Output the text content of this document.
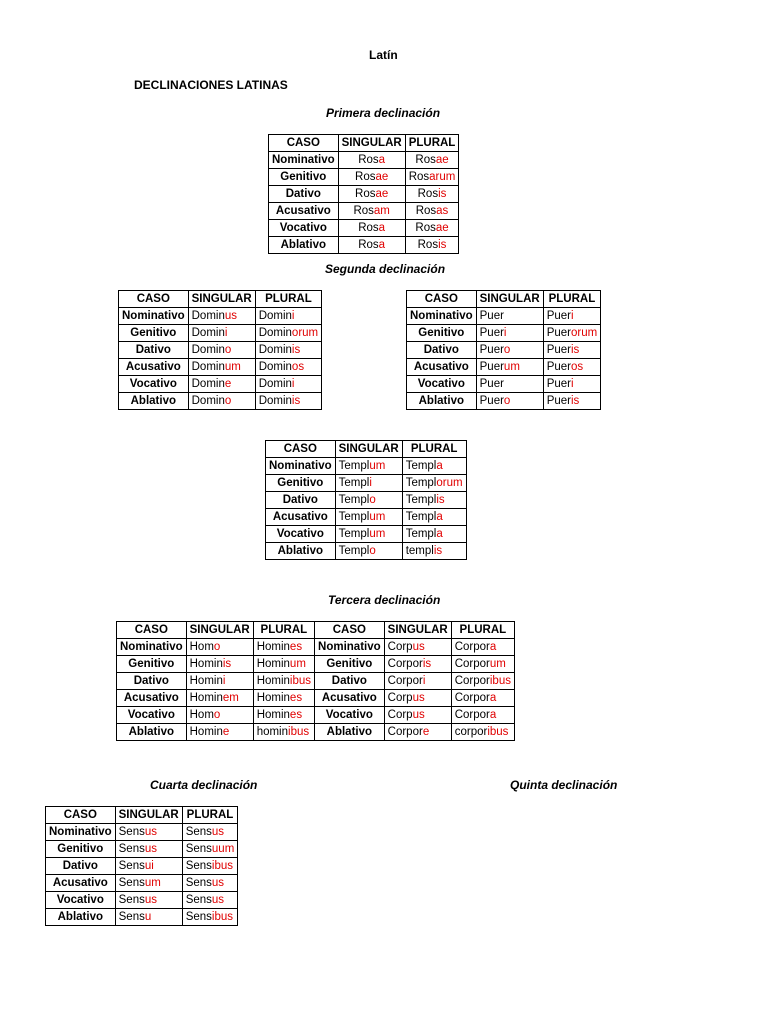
Latín
DECLINACIONES LATINAS
Primera declinación
CASO	SINGULAR	PLURAL
Nominativo	Rosa	Rosae
Genitivo	Rosae	Rosarum
Dativo	Rosae	Rosis
Acusativo	Rosam	Rosas
Vocativo	Rosa	Rosae
Ablativo	Rosa	Rosis
Segunda declinación
CASO	SINGULAR	PLURAL
Nominativo	Dominus	Domini
Genitivo	Domini	Dominorum
Dativo	Domino	Dominis
Acusativo	Dominum	Dominos
Vocativo	Domine	Domini
Ablativo	Domino	Dominis
CASO	SINGULAR	PLURAL
Nominativo	Puer	Pueri
Genitivo	Pueri	Puerorum
Dativo	Puero	Pueris
Acusativo	Puerum	Pueros
Vocativo	Puer	Pueri
Ablativo	Puero	Pueris
CASO	SINGULAR	PLURAL
Nominativo	Templum	Templa
Genitivo	Templi	Templorum
Dativo	Templo	Templis
Acusativo	Templum	Templa
Vocativo	Templum	Templa
Ablativo	Templo	templis
Tercera declinación
CASO	SINGULAR	PLURAL	CASO	SINGULAR	PLURAL
Nominativo	Homo	Homines	Nominativo	Corpus	Corpora
Genitivo	Hominis	Hominum	Genitivo	Corporis	Corporum
Dativo	Homini	Hominibus	Dativo	Corpori	Corporibus
Acusativo	Hominem	Homines	Acusativo	Corpus	Corpora
Vocativo	Homo	Homines	Vocativo	Corpus	Corpora
Ablativo	Homine	hominibus	Ablativo	Corpore	corporibus
Cuarta declinación	Quinta declinación
CASO	SINGULAR	PLURAL
Nominativo	Sensus	Sensus
Genitivo	Sensus	Sensuum
Dativo	Sensui	Sensibus
Acusativo	Sensum	Sensus
Vocativo	Sensus	Sensus
Ablativo	Sensu	Sensibus
